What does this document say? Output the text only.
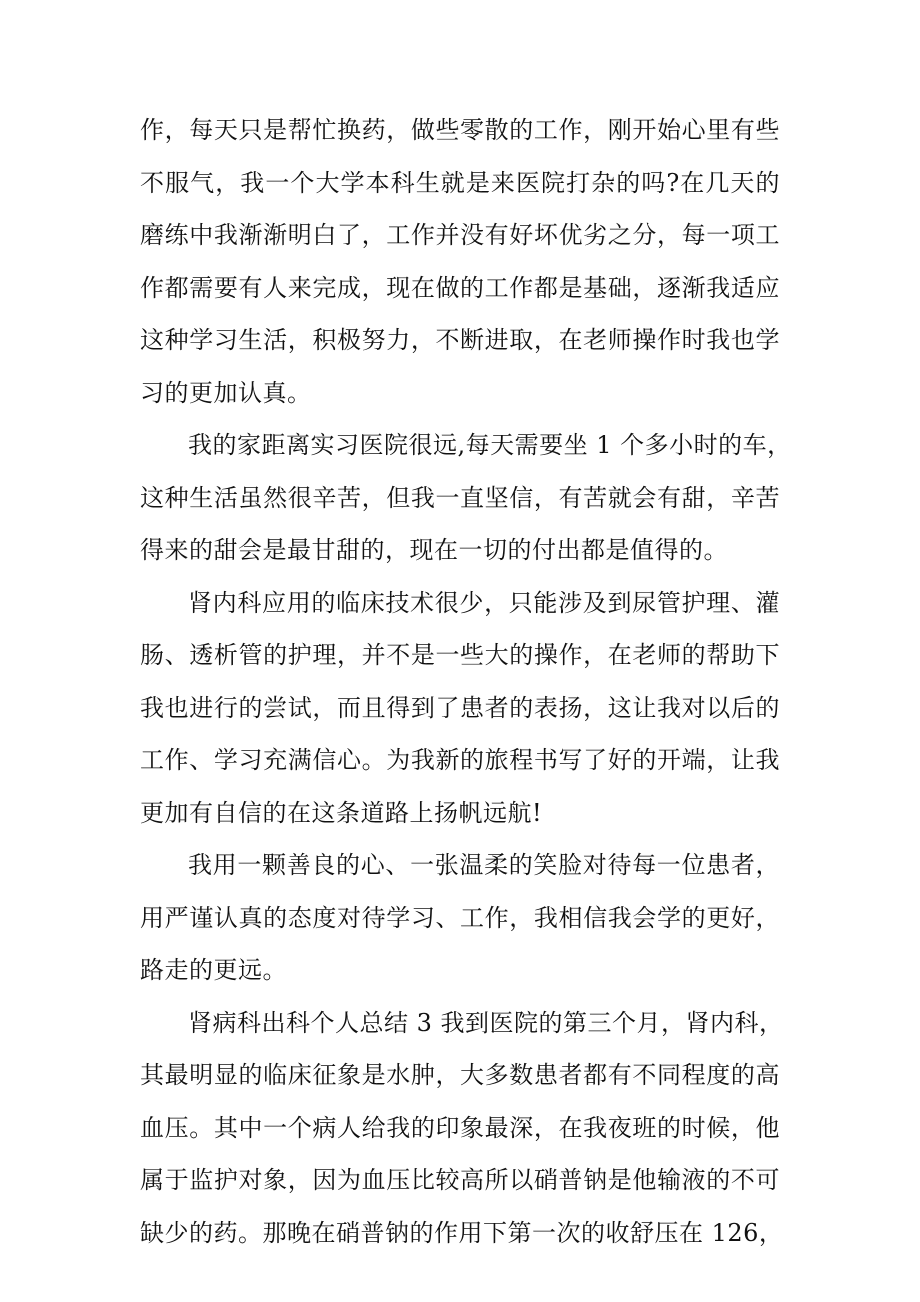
作，每天只是帮忙换药，做些零散的工作，刚开始心里有些
不服气，我一个大学本科生就是来医院打杂的吗?在几天的
磨练中我渐渐明白了，工作并没有好坏优劣之分，每一项工
作都需要有人来完成，现在做的工作都是基础，逐渐我适应
这种学习生活，积极努力，不断进取，在老师操作时我也学
习的更加认真。
我的家距离实习医院很远,每天需要坐 1 个多小时的车，
这种生活虽然很辛苦，但我一直坚信，有苦就会有甜，辛苦
得来的甜会是最甘甜的，现在一切的付出都是值得的。
肾内科应用的临床技术很少，只能涉及到尿管护理、灌
肠、透析管的护理，并不是一些大的操作，在老师的帮助下
我也进行的尝试，而且得到了患者的表扬，这让我对以后的
工作、学习充满信心。为我新的旅程书写了好的开端，让我
更加有自信的在这条道路上扬帆远航!
我用一颗善良的心、一张温柔的笑脸对待每一位患者，
用严谨认真的态度对待学习、工作，我相信我会学的更好，
路走的更远。
肾病科出科个人总结 3 我到医院的第三个月，肾内科，
其最明显的临床征象是水肿，大多数患者都有不同程度的高
血压。其中一个病人给我的印象最深，在我夜班的时候，他
属于监护对象，因为血压比较高所以硝普钠是他输液的不可
缺少的药。那晚在硝普钠的作用下第一次的收舒压在 126，
